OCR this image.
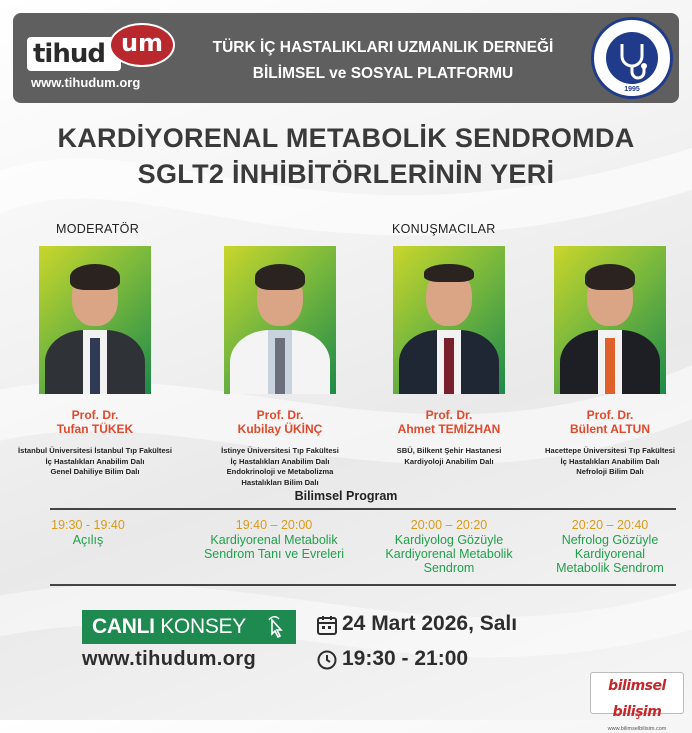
tihud um
www.tihudum.org
TÜRK İÇ HASTALIKLARI UZMANLIK DERNEĞİ
BİLİMSEL ve SOSYAL PLATFORMU
1995
KARDİYORENAL METABOLİK SENDROMDA
SGLT2 İNHİBİTÖRLERİNİN YERİ
MODERATÖR	KONUŞMACILAR
Prof. Dr.
Tufan TÜKEK
İstanbul Üniversitesi İstanbul Tıp Fakültesi
İç Hastalıkları Anabilim Dalı
Genel Dahiliye Bilim Dalı
Prof. Dr.
Kubilay ÜKİNÇ
İstinye Üniversitesi Tıp Fakültesi
İç Hastalıkları Anabilim Dalı
Endokrinoloji ve Metabolizma
Hastalıkları Bilim Dalı
Prof. Dr.
Ahmet TEMİZHAN
SBÜ, Bilkent Şehir Hastanesi
Kardiyoloji Anabilim Dalı
Prof. Dr.
Bülent ALTUN
Hacettepe Üniversitesi Tıp Fakültesi
İç Hastalıkları Anabilim Dalı
Nefroloji Bilim Dalı
Bilimsel Program
19:30 - 19:40
Açılış
19:40 – 20:00
Kardiyorenal Metabolik
Sendrom Tanı ve Evreleri
20:00 – 20:20
Kardiyolog Gözüyle
Kardiyorenal Metabolik
Sendrom
20:20 – 20:40
Nefrolog Gözüyle
Kardiyorenal
Metabolik Sendrom
CANLI KONSEY
www.tihudum.org
24 Mart 2026, Salı
19:30 - 21:00
bilimsel bilişim
www.bilimselbilisim.com
